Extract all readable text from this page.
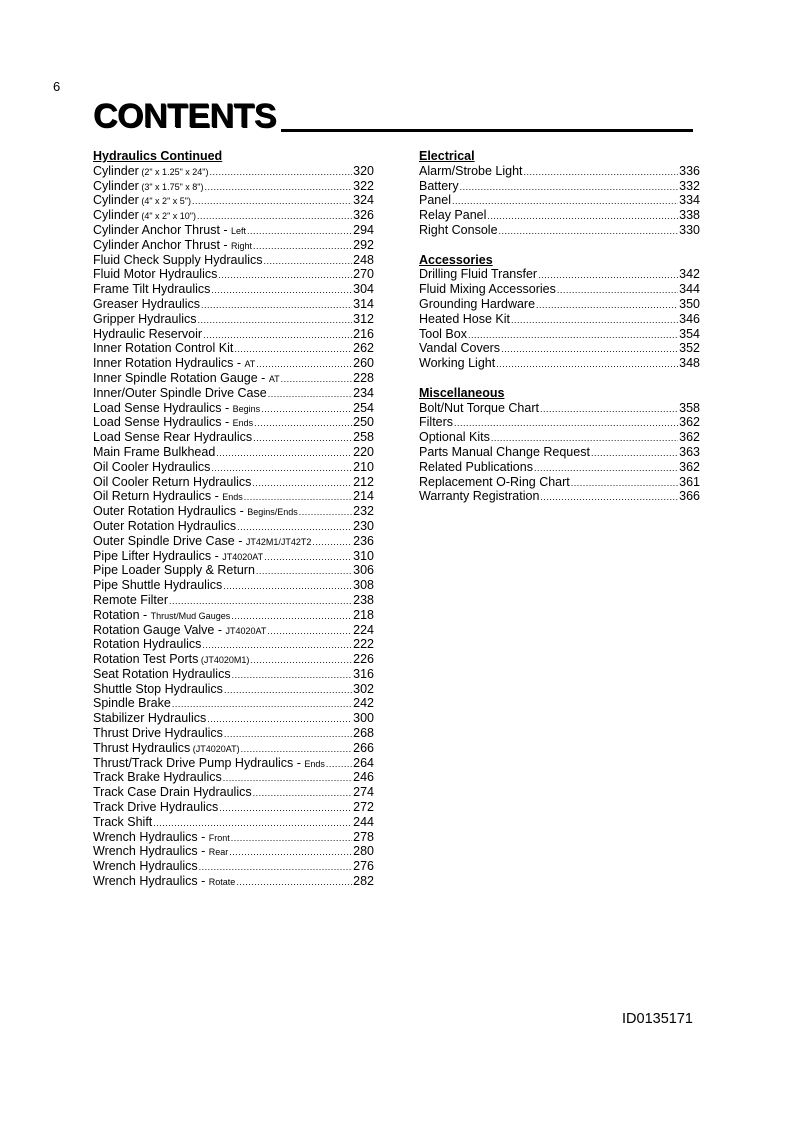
6
CONTENTS
Hydraulics Continued
Cylinder (2" x 1.25" x 24") .....	320
Cylinder (3" x 1.75" x 8") .....	322
Cylinder (4" x 2" x 5") .....	324
Cylinder (4" x 2" x 10") .....	326
Cylinder Anchor Thrust - Left .....	294
Cylinder Anchor Thrust - Right .....	292
Fluid Check Supply Hydraulics .....	248
Fluid Motor Hydraulics .....	270
Frame Tilt Hydraulics .....	304
Greaser Hydraulics .....	314
Gripper Hydraulics .....	312
Hydraulic Reservoir .....	216
Inner Rotation Control Kit .....	262
Inner Rotation Hydraulics - AT .....	260
Inner Spindle Rotation Gauge - AT .....	228
Inner/Outer Spindle Drive Case .....	234
Load Sense Hydraulics - Begins .....	254
Load Sense Hydraulics - Ends .....	250
Load Sense Rear Hydraulics .....	258
Main Frame Bulkhead .....	220
Oil Cooler Hydraulics .....	210
Oil Cooler Return Hydraulics .....	212
Oil Return Hydraulics - Ends .....	214
Outer Rotation Hydraulics - Begins/Ends .....	232
Outer Rotation Hydraulics .....	230
Outer Spindle Drive Case - JT42M1/JT42T2 .....	236
Pipe Lifter Hydraulics - JT4020AT .....	310
Pipe Loader Supply & Return .....	306
Pipe Shuttle Hydraulics .....	308
Remote Filter .....	238
Rotation - Thrust/Mud Gauges .....	218
Rotation Gauge Valve - JT4020AT .....	224
Rotation Hydraulics .....	222
Rotation Test Ports (JT4020M1) .....	226
Seat Rotation Hydraulics .....	316
Shuttle Stop Hydraulics .....	302
Spindle Brake .....	242
Stabilizer Hydraulics .....	300
Thrust Drive Hydraulics .....	268
Thrust Hydraulics (JT4020AT) .....	266
Thrust/Track Drive Pump Hydraulics - Ends ..... 264
Track Brake Hydraulics .....	246
Track Case Drain Hydraulics .....	274
Track Drive Hydraulics .....	272
Track Shift .....	244
Wrench Hydraulics - Front .....	278
Wrench Hydraulics - Rear .....	280
Wrench Hydraulics .....	276
Wrench Hydraulics - Rotate .....	282
Electrical
Alarm/Strobe Light .....	336
Battery .....	332
Panel .....	334
Relay Panel .....	338
Right Console .....	330
Accessories
Drilling Fluid Transfer .....	342
Fluid Mixing Accessories .....	344
Grounding Hardware .....	350
Heated Hose Kit .....	346
Tool Box .....	354
Vandal Covers .....	352
Working Light .....	348
Miscellaneous
Bolt/Nut Torque Chart .....	358
Filters .....	362
Optional Kits .....	362
Parts Manual Change Request .....	363
Related Publications .....	362
Replacement O-Ring Chart .....	361
Warranty Registration .....	366
ID0135171
